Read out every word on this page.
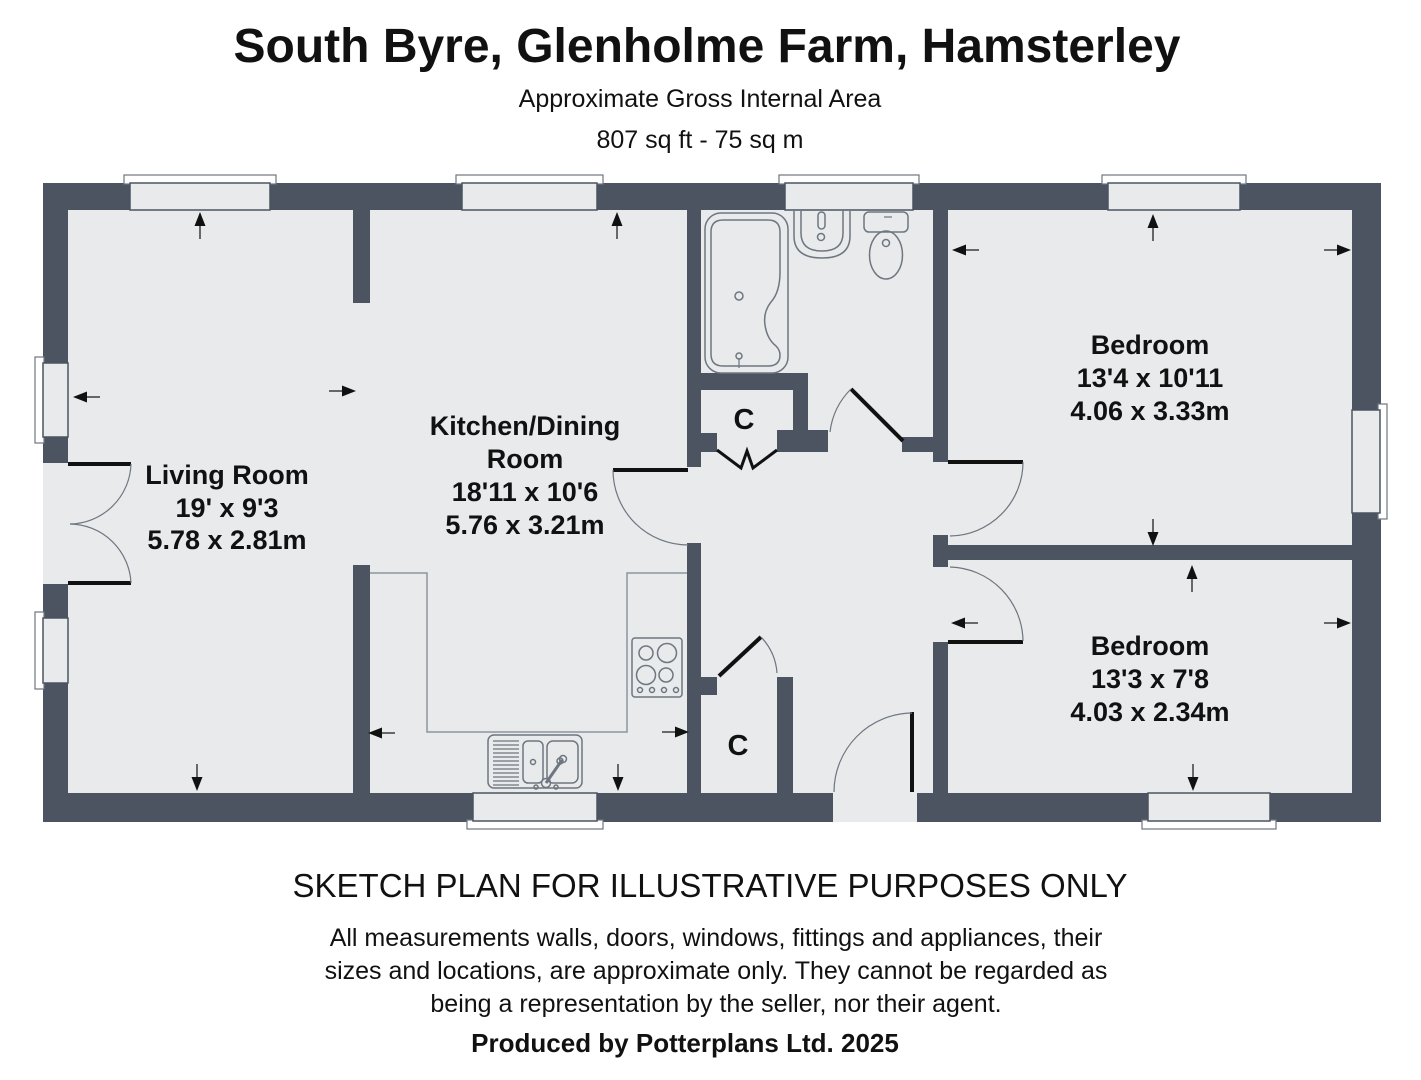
South Byre, Glenholme Farm, Hamsterley
Approximate Gross Internal Area
807 sq ft - 75 sq m
Living Room
19' x 9'3
5.78 x 2.81m
Kitchen/Dining
Room
18'11 x 10'6
5.76 x 3.21m
Bedroom
13'4 x 10'11
4.06 x 3.33m
Bedroom
13'3 x 7'8
4.03 x 2.34m
C
C
SKETCH PLAN FOR ILLUSTRATIVE PURPOSES ONLY
All measurements walls, doors, windows, fittings and appliances, their
sizes and locations, are approximate only. They cannot be regarded as
being a representation by the seller, nor their agent.
Produced by Potterplans Ltd. 2025
